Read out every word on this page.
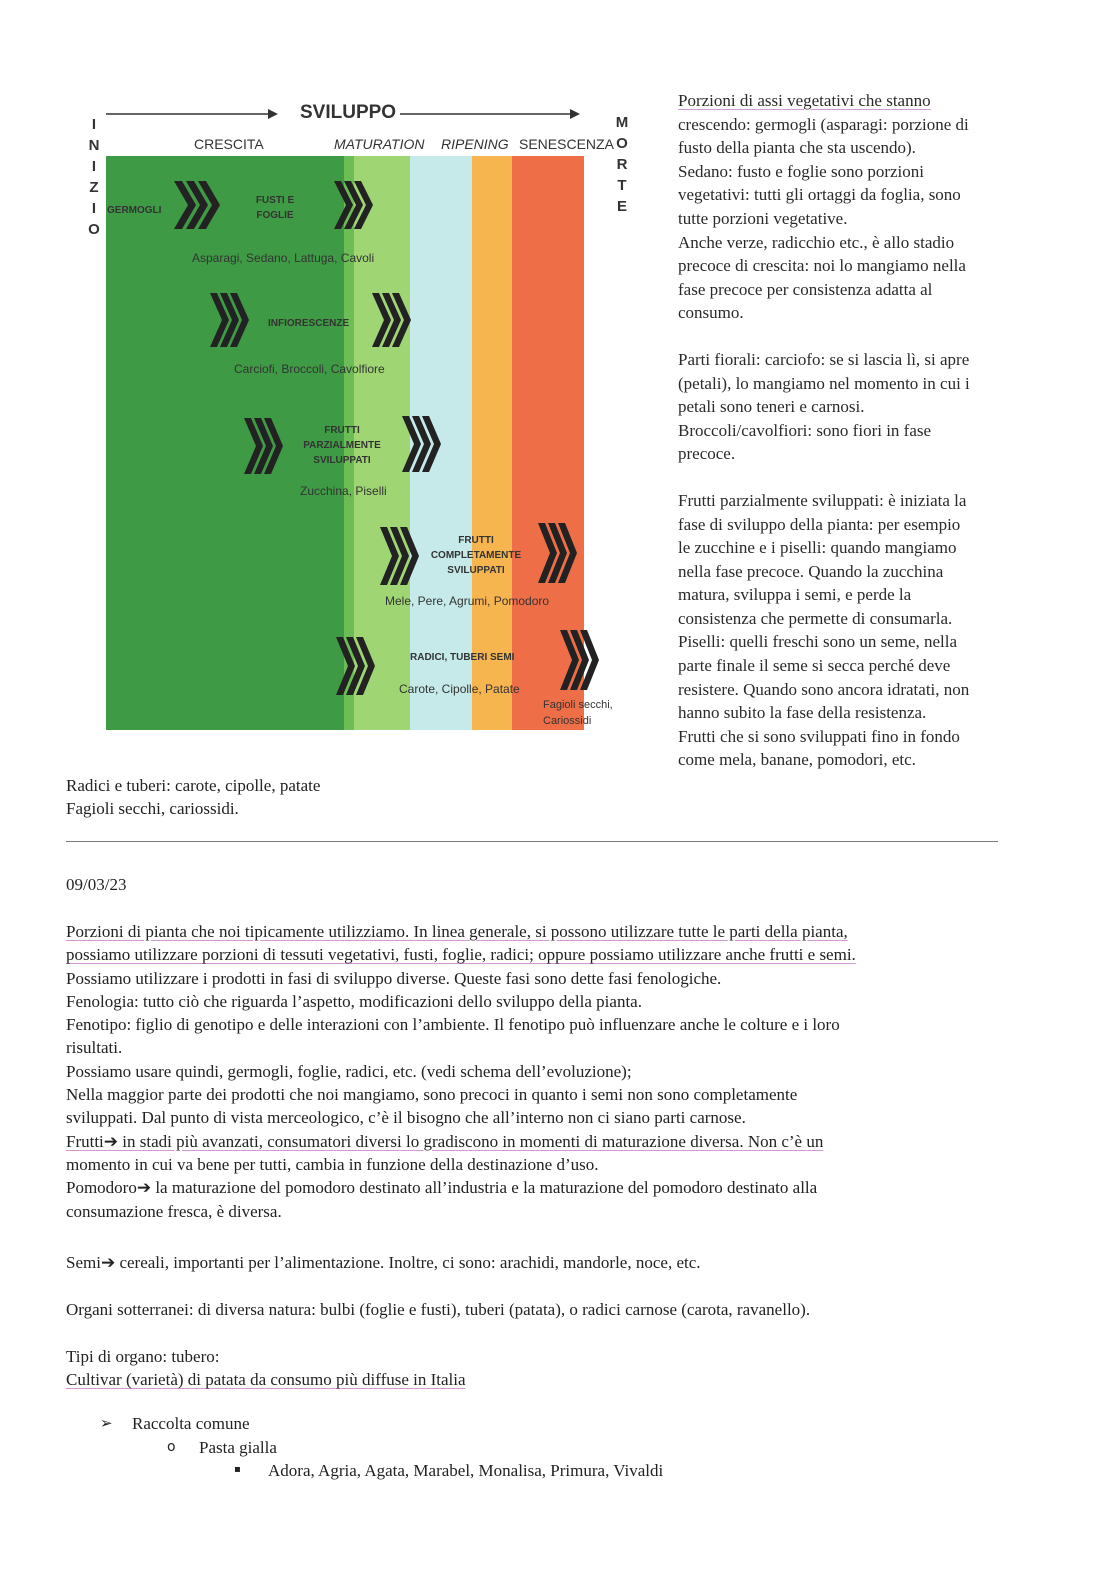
SVILUPPO
I
N
I
Z
I
O
M
O
R
T
E
CRESCITA	MATURATION RIPENING SENESCENZA
GERMOGLI
FUSTI E FOGLIE
Asparagi, Sedano, Lattuga, Cavoli
INFIORESCENZE
Carciofi, Broccoli, Cavolfiore
FRUTTI PARZIALMENTE SVILUPPATI
Zucchina, Piselli
FRUTTI COMPLETAMENTE SVILUPPATI
Mele, Pere, Agrumi, Pomodoro
RADICI, TUBERI SEMI
Carote, Cipolle, Patate
Fagioli secchi, Cariossidi

Porzioni di assi vegetativi che stanno
crescendo: germogli (asparagi: porzione di
fusto della pianta che sta uscendo).
Sedano: fusto e foglie sono porzioni
vegetativi: tutti gli ortaggi da foglia, sono
tutte porzioni vegetative.
Anche verze, radicchio etc., è allo stadio
precoce di crescita: noi lo mangiamo nella
fase precoce per consistenza adatta al
consumo.

Parti fiorali: carciofo: se si lascia lì, si apre
(petali), lo mangiamo nel momento in cui i
petali sono teneri e carnosi.
Broccoli/cavolfiori: sono fiori in fase
precoce.

Frutti parzialmente sviluppati: è iniziata la
fase di sviluppo della pianta: per esempio
le zucchine e i piselli: quando mangiamo
nella fase precoce. Quando la zucchina
matura, sviluppa i semi, e perde la
consistenza che permette di consumarla.
Piselli: quelli freschi sono un seme, nella
parte finale il seme si secca perché deve
resistere. Quando sono ancora idratati, non
hanno subito la fase della resistenza.
Frutti che si sono sviluppati fino in fondo
come mela, banane, pomodori, etc.

Radici e tuberi: carote, cipolle, patate
Fagioli secchi, cariossidi.
09/03/23
Porzioni di pianta che noi tipicamente utilizziamo. In linea generale, si possono utilizzare tutte le parti della pianta,
possiamo utilizzare porzioni di tessuti vegetativi, fusti, foglie, radici; oppure possiamo utilizzare anche frutti e semi.
Possiamo utilizzare i prodotti in fasi di sviluppo diverse. Queste fasi sono dette fasi fenologiche.
Fenologia: tutto ciò che riguarda l’aspetto, modificazioni dello sviluppo della pianta.
Fenotipo: figlio di genotipo e delle interazioni con l’ambiente. Il fenotipo può influenzare anche le colture e i loro
risultati.
Possiamo usare quindi, germogli, foglie, radici, etc. (vedi schema dell’evoluzione);
Nella maggior parte dei prodotti che noi mangiamo, sono precoci in quanto i semi non sono completamente
sviluppati. Dal punto di vista merceologico, c’è il bisogno che all’interno non ci siano parti carnose.
Frutti➔ in stadi più avanzati, consumatori diversi lo gradiscono in momenti di maturazione diversa. Non c’è un
momento in cui va bene per tutti, cambia in funzione della destinazione d’uso.
Pomodoro➔ la maturazione del pomodoro destinato all’industria e la maturazione del pomodoro destinato alla
consumazione fresca, è diversa.
Semi➔ cereali, importanti per l’alimentazione. Inoltre, ci sono: arachidi, mandorle, noce, etc.
Organi sotterranei: di diversa natura: bulbi (foglie e fusti), tuberi (patata), o radici carnose (carota, ravanello).
Tipi di organo: tubero:
Cultivar (varietà) di patata da consumo più diffuse in Italia
➢ Raccolta comune
o Pasta gialla
▪ Adora, Agria, Agata, Marabel, Monalisa, Primura, Vivaldi
